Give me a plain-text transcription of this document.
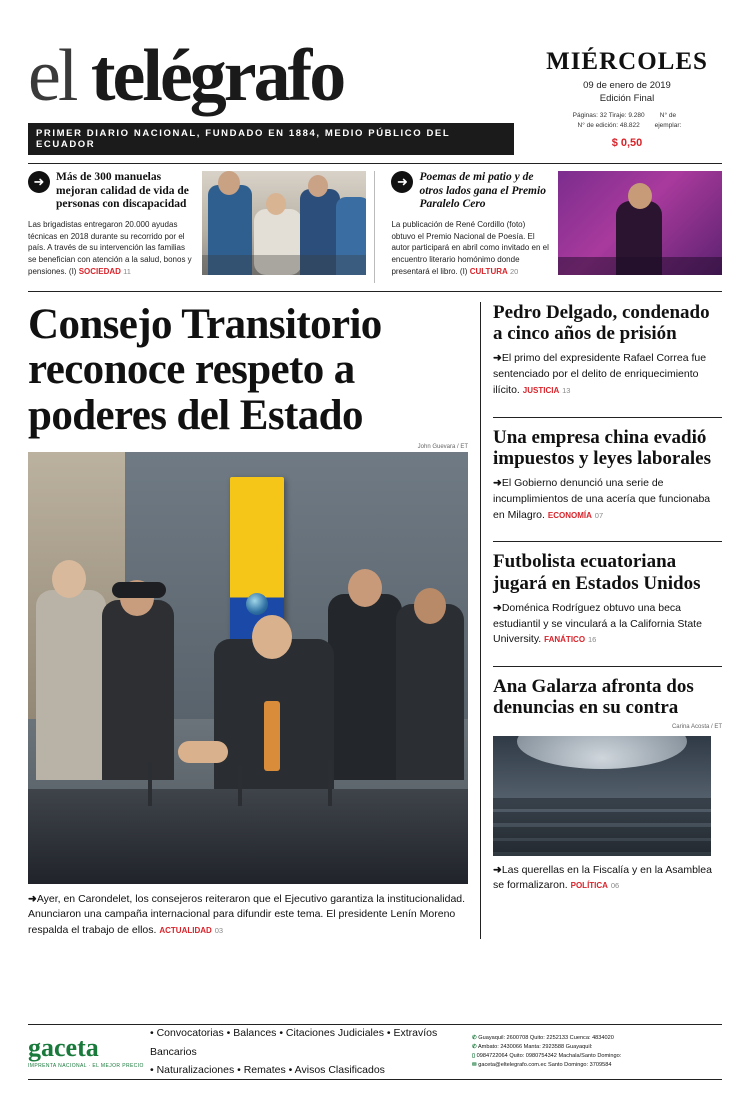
el telégrafo
PRIMER DIARIO NACIONAL, FUNDADO EN 1884, MEDIO PÚBLICO DEL ECUADOR
MIÉRCOLES
09 de enero de 2019
Edición Final
Páginas: 32 Tiraje: 9.280
N° de edición: 48.822
N° de
ejemplar:
$ 0,50
➜	Más de 300 manuelas mejoran calidad de vida de personas con discapacidad
Las brigadistas entregaron 20.000 ayudas técnicas en 2018 durante su recorrido por el país. A través de su intervención las familias se benefician con atención a la salud, bonos y pensiones. (I) SOCIEDAD 11
➜	Poemas de mi patio y de otros lados gana el Premio Paralelo Cero
La publicación de René Cordillo (foto) obtuvo el Premio Nacional de Poesía. El autor participará en abril como invitado en el encuentro literario homónimo donde presentará el libro. (I) CULTURA 20
Consejo Transitorio reconoce respeto a poderes del Estado
John Guevara / ET
➜Ayer, en Carondelet, los consejeros reiteraron que el Ejecutivo garantiza la institucionalidad. Anunciaron una campaña internacional para difundir este tema. El presidente Lenín Moreno respalda el trabajo de ellos. ACTUALIDAD 03
Pedro Delgado, condenado a cinco años de prisión

➜El primo del expresidente Rafael Correa fue sentenciado por el delito de enriquecimiento ilícito. JUSTICIA 13

Una empresa china evadió impuestos y leyes laborales

➜El Gobierno denunció una serie de incumplimientos de una acería que funcionaba en Milagro. ECONOMÍA 07

Futbolista ecuatoriana jugará en Estados Unidos

➜Doménica Rodríguez obtuvo una beca estudiantil y se vinculará a la California State University. FANÁTICO 16

Ana Galarza afronta dos denuncias en su contra
Carina Acosta / ET

➜Las querellas en la Fiscalía y en la Asamblea se formalizaron. POLÍTICA 06

gaceta
IMPRENTA NACIONAL · EL MEJOR PRECIO
• Convocatorias • Balances • Citaciones Judiciales • Extravíos Bancarios
• Naturalizaciones • Remates • Avisos Clasificados
✆ Guayaquil: 2600708 Quito: 2252133 Cuenca: 4834020
✆ Ambato: 2430066 Manta: 2923588 Guayaquil:
▯ 0984722064 Quito: 0980754342 Machala/Santo Domingo:
✉ gaceta@eltelegrafo.com.ec Santo Domingo: 3709584
